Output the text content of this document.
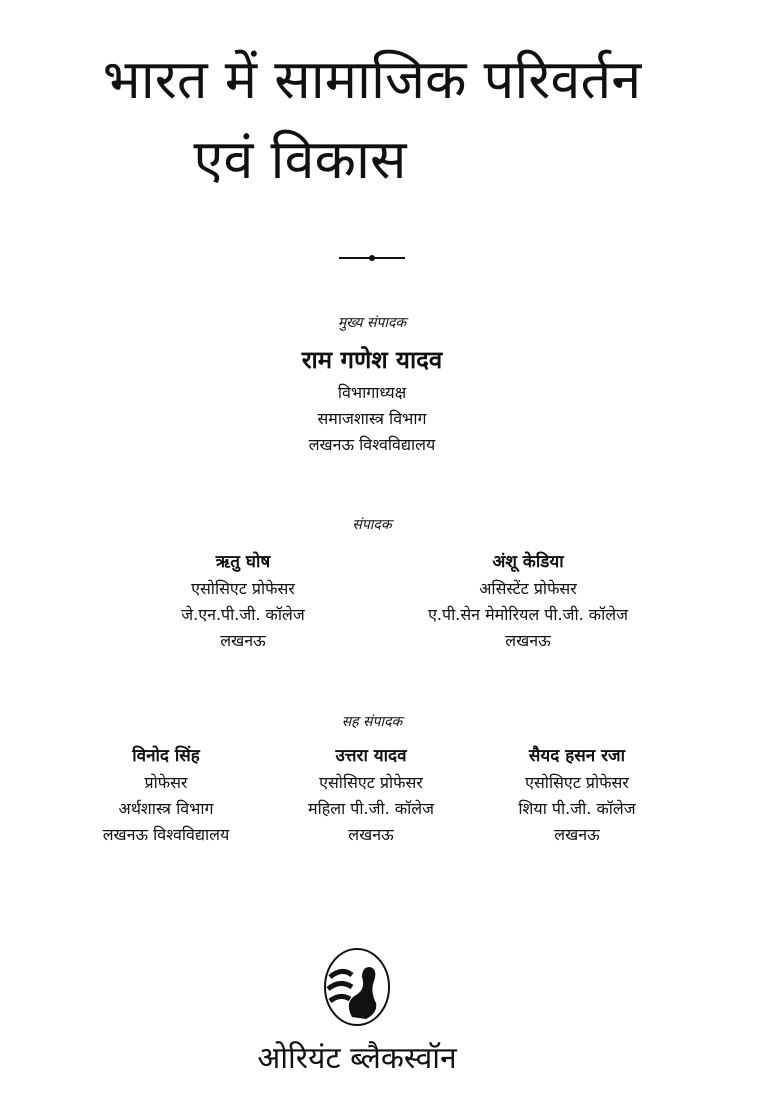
भारत में सामाजिक परिवर्तन
एवं विकास
मुख्य संपादक
राम गणेश यादव
विभागाध्यक्ष
समाजशास्त्र विभाग
लखनऊ विश्वविद्यालय
संपादक
ऋतु घोष
एसोसिएट प्रोफेसर
जे.एन.पी.जी. कॉलेज
लखनऊ
अंशू केडिया
असिस्टेंट प्रोफेसर
ए.पी.सेन मेमोरियल पी.जी. कॉलेज
लखनऊ
सह संपादक
विनोद सिंह
प्रोफेसर
अर्थशास्त्र विभाग
लखनऊ विश्वविद्यालय
उत्तरा यादव
एसोसिएट प्रोफेसर
महिला पी.जी. कॉलेज
लखनऊ
सैयद हसन रजा
एसोसिएट प्रोफेसर
शिया पी.जी. कॉलेज
लखनऊ
ओरियंट ब्लैकस्वॉन
